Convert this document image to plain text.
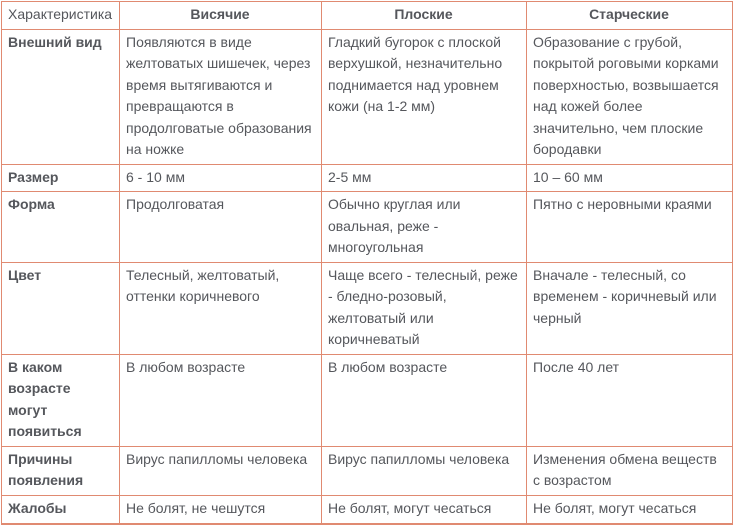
Характеристика	Висячие	Плоские	Старческие
Внешний вид	Появляются в виде желтоватых шишечек, через время вытягиваются и превращаются в продолговатые образования на ножке	Гладкий бугорок с плоской верхушкой, незначительно поднимается над уровнем кожи (на 1-2 мм)	Образование с грубой, покрытой роговыми корками поверхностью, возвышается над кожей более значительно, чем плоские бородавки
Размер	6 - 10 мм	2-5 мм	10 – 60 мм
Форма	Продолговатая	Обычно круглая или овальная, реже - многоугольная	Пятно с неровными краями
Цвет	Телесный, желтоватый, оттенки коричневого	Чаще всего - телесный, реже - бледно-розовый, желтоватый или коричневатый	Вначале - телесный, со временем - коричневый или черный
В каком возрасте могут появиться	В любом возрасте	В любом возрасте	После 40 лет
Причины появления	Вирус папилломы человека	Вирус папилломы человека	Изменения обмена веществ с возрастом
Жалобы	Не болят, не чешутся	Не болят, могут чесаться	Не болят, могут чесаться
